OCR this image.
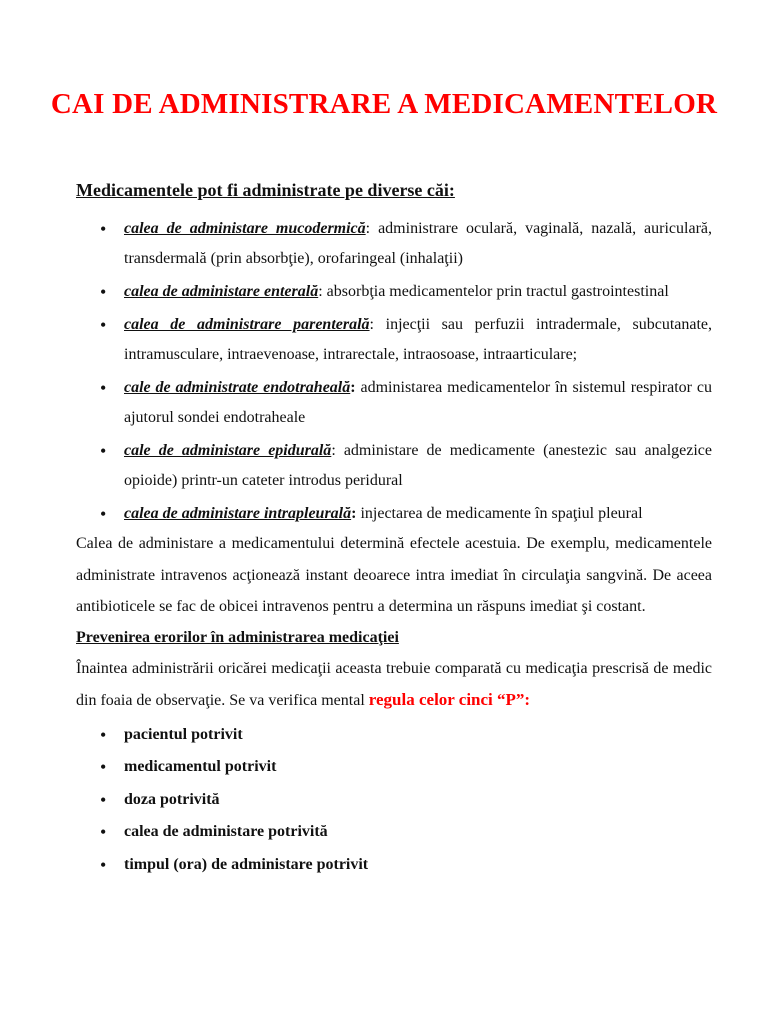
CAI DE ADMINISTRARE A MEDICAMENTELOR
Medicamentele pot fi administrate pe diverse căi:
• calea de administare mucodermică: administrare oculară, vaginală, nazală, auriculară, transdermală (prin absorbţie), orofaringeal (inhalaţii)
• calea de administare enterală: absorbţia medicamentelor prin tractul gastrointestinal
• calea de administrare parenterală: injecţii sau perfuzii intradermale, subcutanate, intramusculare, intraevenoase, intrarectale, intraosoase, intraarticulare;
• cale de administrate endotraheală: administarea medicamentelor în sistemul respirator cu ajutorul sondei endotraheale
• cale de administare epidurală: administare de medicamente (anestezic sau analgezice opioide) printr-un cateter introdus peridural
• calea de administare intrapleurală: injectarea de medicamente în spaţiul pleural

Calea de administare a medicamentului determină efectele acestuia. De exemplu, medicamentele administrate intravenos acţionează instant deoarece intra imediat în circulaţia sangvină. De aceea antibioticele se fac de obicei intravenos pentru a determina un răspuns imediat şi costant.

Prevenirea erorilor în administrarea medicaţiei

Înaintea administrării oricărei medicaţii aceasta trebuie comparată cu medicaţia prescrisă de medic din foaia de observaţie. Se va verifica mental regula celor cinci “P”:

• pacientul potrivit
• medicamentul potrivit
• doza potrivită
• calea de administare potrivită
• timpul (ora) de administare potrivit
